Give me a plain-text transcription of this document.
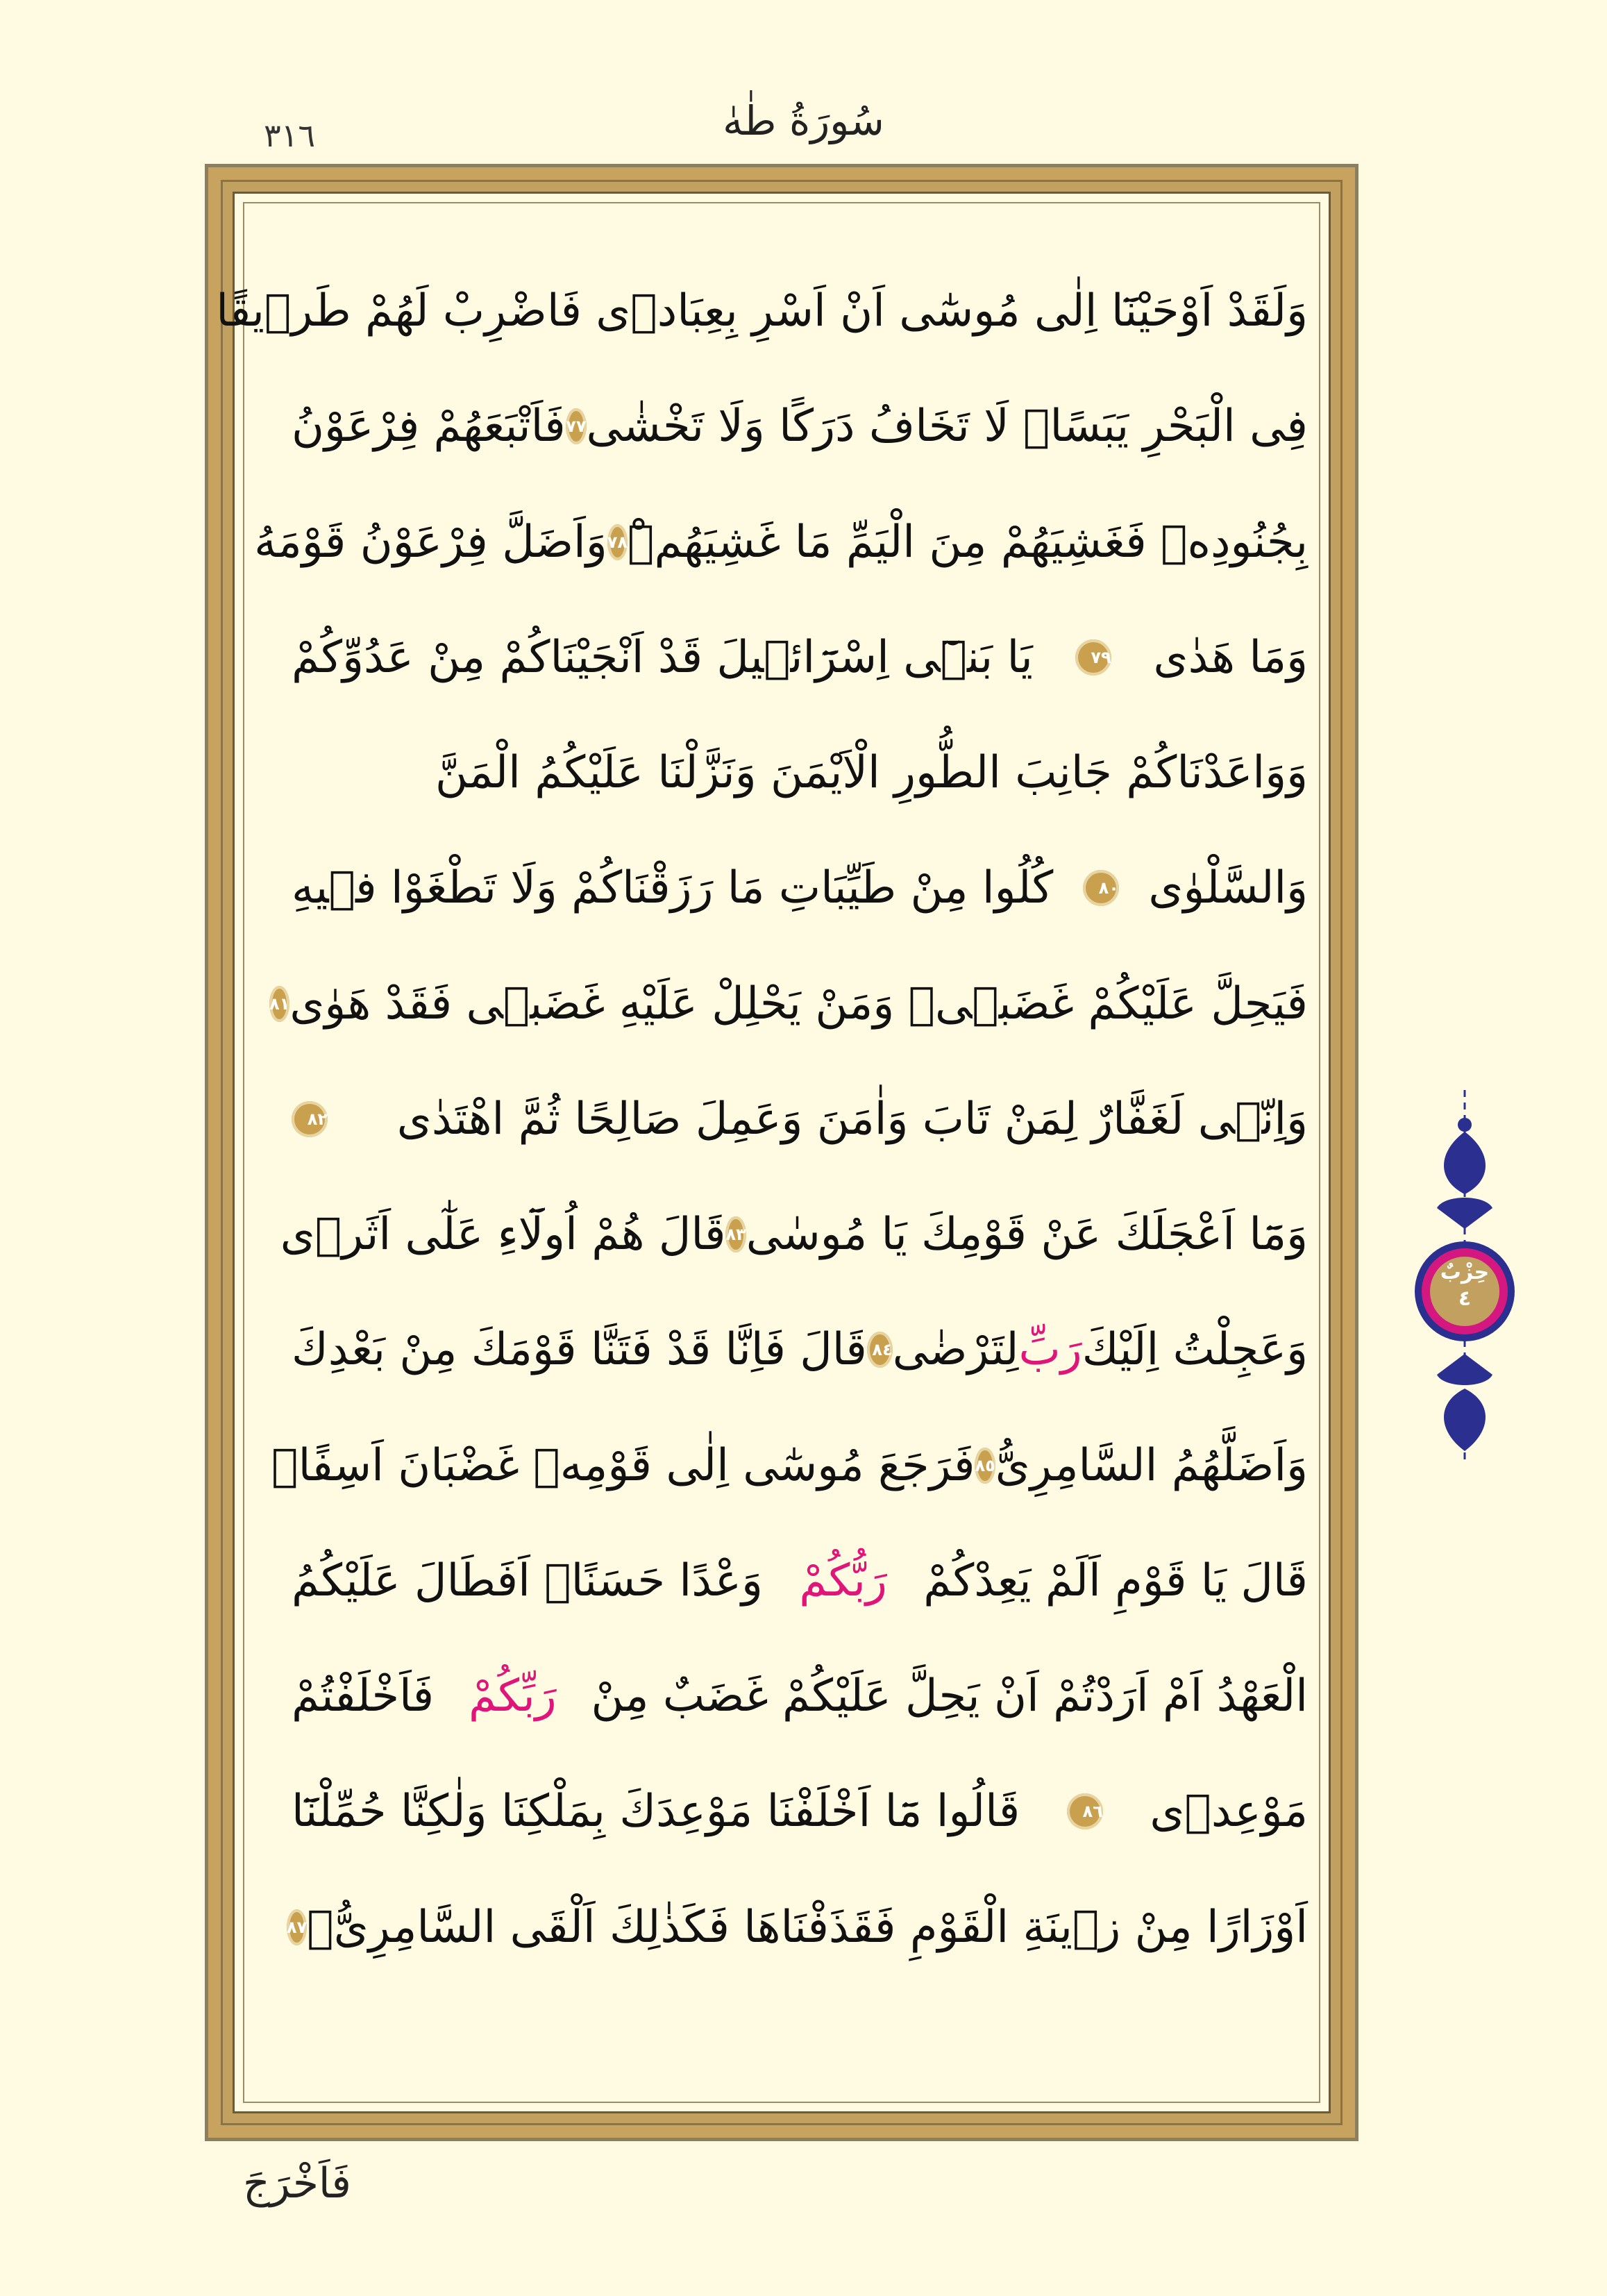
سُورَةُ طٰهٰ
٣١٦
وَلَقَدْ اَوْحَيْنَٓا اِلٰى مُوسٰٓى اَنْ اَسْرِ بِعِبَادٖى فَاضْرِبْ لَهُمْ طَرٖيقًا
فِى الْبَحْرِ يَبَسًاۙ لَا تَخَافُ دَرَكًا وَلَا تَخْشٰى
٧٧
فَاَتْبَعَهُمْ فِرْعَوْنُ
بِجُنُودِهٖ فَغَشِيَهُمْ مِنَ الْيَمِّ مَا غَشِيَهُمْۜ
٧٨
وَاَضَلَّ فِرْعَوْنُ قَوْمَهُ
وَمَا هَدٰى
٧٩
يَا بَنٖٓى اِسْرَٓائٖيلَ قَدْ اَنْجَيْنَاكُمْ مِنْ عَدُوِّكُمْ
وَوَاعَدْنَاكُمْ جَانِبَ الطُّورِ الْاَيْمَنَ وَنَزَّلْنَا عَلَيْكُمُ الْمَنَّ
وَالسَّلْوٰى
٨٠
كُلُوا مِنْ طَيِّبَاتِ مَا رَزَقْنَاكُمْ وَلَا تَطْغَوْا فٖيهِ
فَيَحِلَّ عَلَيْكُمْ غَضَبٖىۚ وَمَنْ يَحْلِلْ عَلَيْهِ غَضَبٖى فَقَدْ هَوٰى
٨١
وَاِنّٖى لَغَفَّارٌ لِمَنْ تَابَ وَاٰمَنَ وَعَمِلَ صَالِحًا ثُمَّ اهْتَدٰى
٨٢
وَمَٓا اَعْجَلَكَ عَنْ قَوْمِكَ يَا مُوسٰى
٨٣
قَالَ هُمْ اُولَٓاءِ عَلٰٓى اَثَرٖى
وَعَجِلْتُ اِلَيْكَ
رَبِّ
لِتَرْضٰى
٨٤
قَالَ فَاِنَّا قَدْ فَتَنَّا قَوْمَكَ مِنْ بَعْدِكَ
وَاَضَلَّهُمُ السَّامِرِىُّ
٨٥
فَرَجَعَ مُوسٰٓى اِلٰى قَوْمِهٖ غَضْبَانَ اَسِفًاۚ
قَالَ يَا قَوْمِ اَلَمْ يَعِدْكُمْ
رَبُّكُمْ
وَعْدًا حَسَنًاۜ اَفَطَالَ عَلَيْكُمُ
الْعَهْدُ اَمْ اَرَدْتُمْ اَنْ يَحِلَّ عَلَيْكُمْ غَضَبٌ مِنْ
رَبِّكُمْ
فَاَخْلَفْتُمْ
مَوْعِدٖى
٨٦
قَالُوا مَٓا اَخْلَفْنَا مَوْعِدَكَ بِمَلْكِنَا وَلٰكِنَّا حُمِّلْنَٓا
اَوْزَارًا مِنْ زٖينَةِ الْقَوْمِ فَقَذَفْنَاهَا فَكَذٰلِكَ اَلْقَى السَّامِرِىُّۙ
٨٧
حِزْبٌ
٤
فَاَخْرَجَ
